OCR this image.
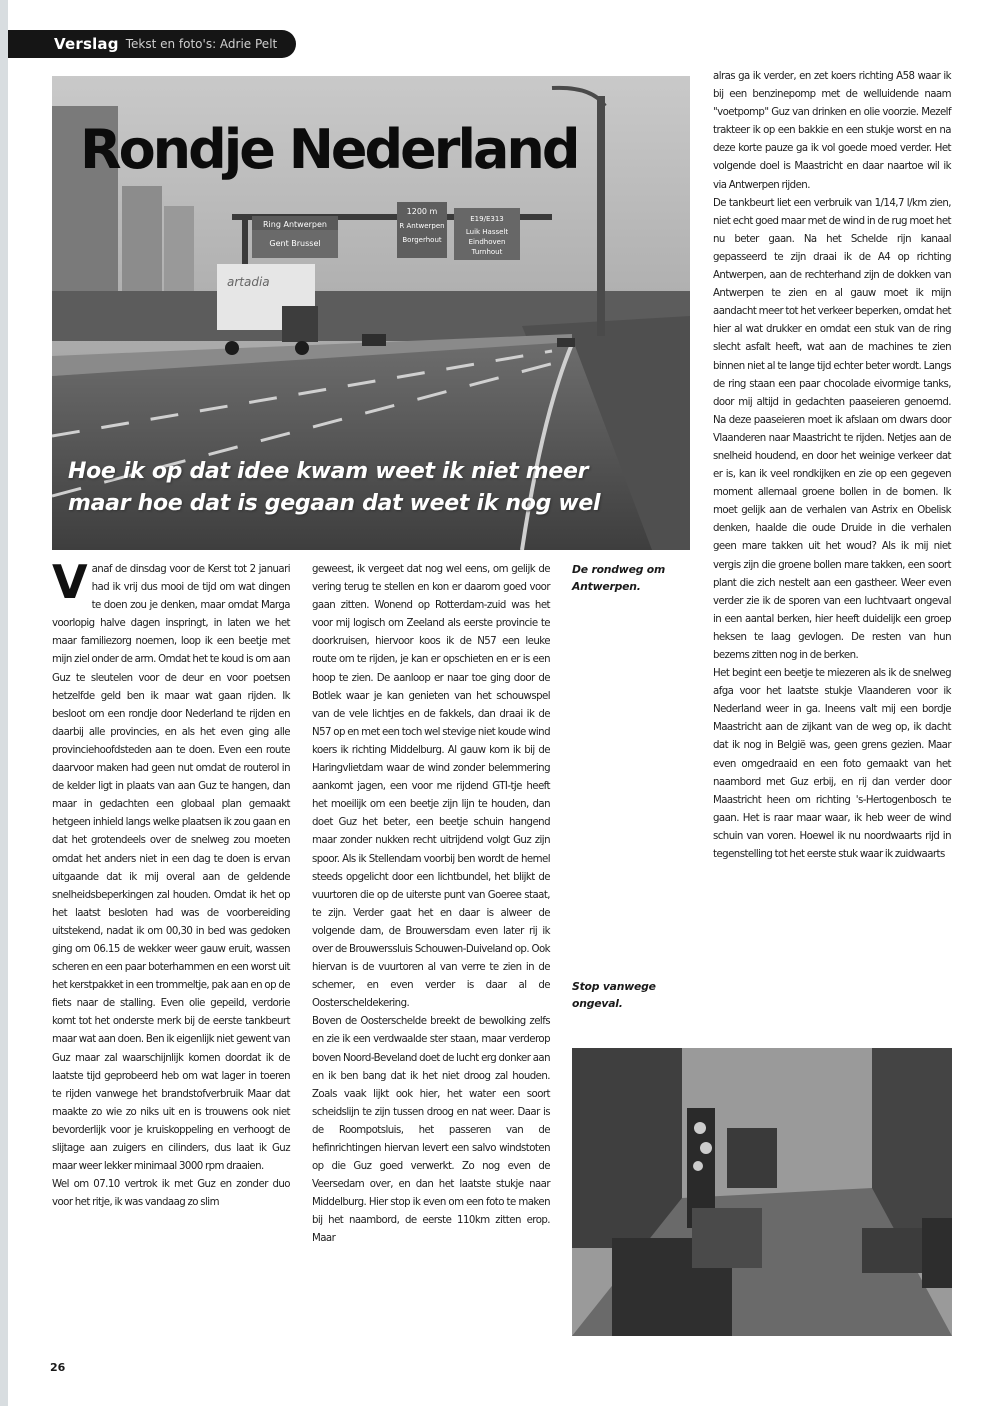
Verslag Tekst en foto's: Adrie Pelt
Ring Antwerpen
Gent Brussel
1200 m
R Antwerpen
Borgerhout
E19/E313
Luik Hasselt
Eindhoven
Turnhout
artadia
Rondje Nederland
Hoe ik op dat idee kwam weet ik niet meer
maar hoe dat is gegaan dat weet ik nog wel

Vanaf de dinsdag voor de Kerst tot 2 januari had ik vrij dus mooi de tijd om wat dingen te doen zou je denken, maar omdat Marga voorlopig halve dagen inspringt, in laten we het maar familiezorg noemen, loop ik een beetje met mijn ziel onder de arm. Omdat het te koud is om aan Guz te sleutelen voor de deur en voor poetsen hetzelfde geld ben ik maar wat gaan rijden. Ik besloot om een rondje door Nederland te rijden en daarbij alle provincies, en als het even ging alle provinciehoofdsteden aan te doen. Even een route daarvoor maken had geen nut omdat de routerol in de kelder ligt in plaats van aan Guz te hangen, dan maar in gedachten een globaal plan gemaakt hetgeen inhield langs welke plaatsen ik zou gaan en dat het grotendeels over de snelweg zou moeten omdat het anders niet in een dag te doen is ervan uitgaande dat ik mij overal aan de geldende snelheidsbeperkingen zal houden. Omdat ik het op het laatst besloten had was de voorbereiding uitstekend, nadat ik om 00,30 in bed was gedoken ging om 06.15 de wekker weer gauw eruit, wassen scheren en een paar boterhammen en een worst uit het kerstpakket in een trommeltje, pak aan en op de fiets naar de stalling. Even olie gepeild, verdorie komt tot het onderste merk bij de eerste tankbeurt maar wat aan doen. Ben ik eigenlijk niet gewent van Guz maar zal waarschijnlijk komen doordat ik de laatste tijd geprobeerd heb om wat lager in toeren te rijden vanwege het brandstofverbruik Maar dat maakte zo wie zo niks uit en is trouwens ook niet bevorderlijk voor je kruiskoppeling en verhoogt de slijtage aan zuigers en cilinders, dus laat ik Guz maar weer lekker minimaal 3000 rpm draaien.

Wel om 07.10 vertrok ik met Guz en zonder duo voor het ritje, ik was vandaag zo slim

geweest, ik vergeet dat nog wel eens, om gelijk de vering terug te stellen en kon er daarom goed voor gaan zitten. Wonend op Rotterdam-zuid was het voor mij logisch om Zeeland als eerste provincie te doorkruisen, hiervoor koos ik de N57 een leuke route om te rijden, je kan er opschieten en er is een hoop te zien. De aanloop er naar toe ging door de Botlek waar je kan genieten van het schouwspel van de vele lichtjes en de fakkels, dan draai ik de N57 op en met een toch wel stevige niet koude wind koers ik richting Middelburg. Al gauw kom ik bij de Haringvlietdam waar de wind zonder belemmering aankomt jagen, een voor me rijdend GTI-tje heeft het moeilijk om een beetje zijn lijn te houden, dan doet Guz het beter, een beetje schuin hangend maar zonder nukken recht uitrijdend volgt Guz zijn spoor. Als ik Stellendam voorbij ben wordt de hemel steeds opgelicht door een lichtbundel, het blijkt de vuurtoren die op de uiterste punt van Goeree staat, te zijn. Verder gaat het en daar is alweer de volgende dam, de Brouwersdam even later rij ik over de Brouwerssluis Schouwen-Duiveland op. Ook hiervan is de vuurtoren al van verre te zien in de schemer, en even verder is daar al de Oosterscheldekering.

Boven de Oosterschelde breekt de bewolking zelfs en zie ik een verdwaalde ster staan, maar verderop boven Noord-Beveland doet de lucht erg donker aan en ik ben bang dat ik het niet droog zal houden. Zoals vaak lijkt ook hier, het water een soort scheidslijn te zijn tussen droog en nat weer. Daar is de Roompotsluis, het passeren van de hefinrichtingen hiervan levert een salvo windstoten op die Guz goed verwerkt. Zo nog even de Veersedam over, en dan het laatste stukje naar Middelburg. Hier stop ik even om een foto te maken bij het naambord, de eerste 110km zitten erop. Maar

De rondweg om Antwerpen.
Stop vanwege ongeval.

alras ga ik verder, en zet koers richting A58 waar ik bij een benzinepomp met de welluidende naam "voetpomp" Guz van drinken en olie voorzie. Mezelf trakteer ik op een bakkie en een stukje worst en na deze korte pauze ga ik vol goede moed verder. Het volgende doel is Maastricht en daar naartoe wil ik via Antwerpen rijden.

De tankbeurt liet een verbruik van 1/14,7 l/km zien, niet echt goed maar met de wind in de rug moet het nu beter gaan. Na het Schelde rijn kanaal gepasseerd te zijn draai ik de A4 op richting Antwerpen, aan de rechterhand zijn de dokken van Antwerpen te zien en al gauw moet ik mijn aandacht meer tot het verkeer beperken, omdat het hier al wat drukker en omdat een stuk van de ring slecht asfalt heeft, wat aan de machines te zien binnen niet al te lange tijd echter beter wordt. Langs de ring staan een paar chocolade eivormige tanks, door mij altijd in gedachten paaseieren genoemd. Na deze paaseieren moet ik afslaan om dwars door Vlaanderen naar Maastricht te rijden. Netjes aan de snelheid houdend, en door het weinige verkeer dat er is, kan ik veel rondkijken en zie op een gegeven moment allemaal groene bollen in de bomen. Ik moet gelijk aan de verhalen van Astrix en Obelisk denken, haalde die oude Druide in die verhalen geen mare takken uit het woud? Als ik mij niet vergis zijn die groene bollen mare takken, een soort plant die zich nestelt aan een gastheer. Weer even verder zie ik de sporen van een luchtvaart ongeval in een aantal berken, hier heeft duidelijk een groep heksen te laag gevlogen. De resten van hun bezems zitten nog in de berken.

Het begint een beetje te miezeren als ik de snelweg afga voor het laatste stukje Vlaanderen voor ik Nederland weer in ga. Ineens valt mij een bordje Maastricht aan de zijkant van de weg op, ik dacht dat ik nog in België was, geen grens gezien. Maar even omgedraaid en een foto gemaakt van het naambord met Guz erbij, en rij dan verder door Maastricht heen om richting 's-Hertogenbosch te gaan. Het is raar maar waar, ik heb weer de wind schuin van voren. Hoewel ik nu noordwaarts rijd in tegenstelling tot het eerste stuk waar ik zuidwaarts

26
